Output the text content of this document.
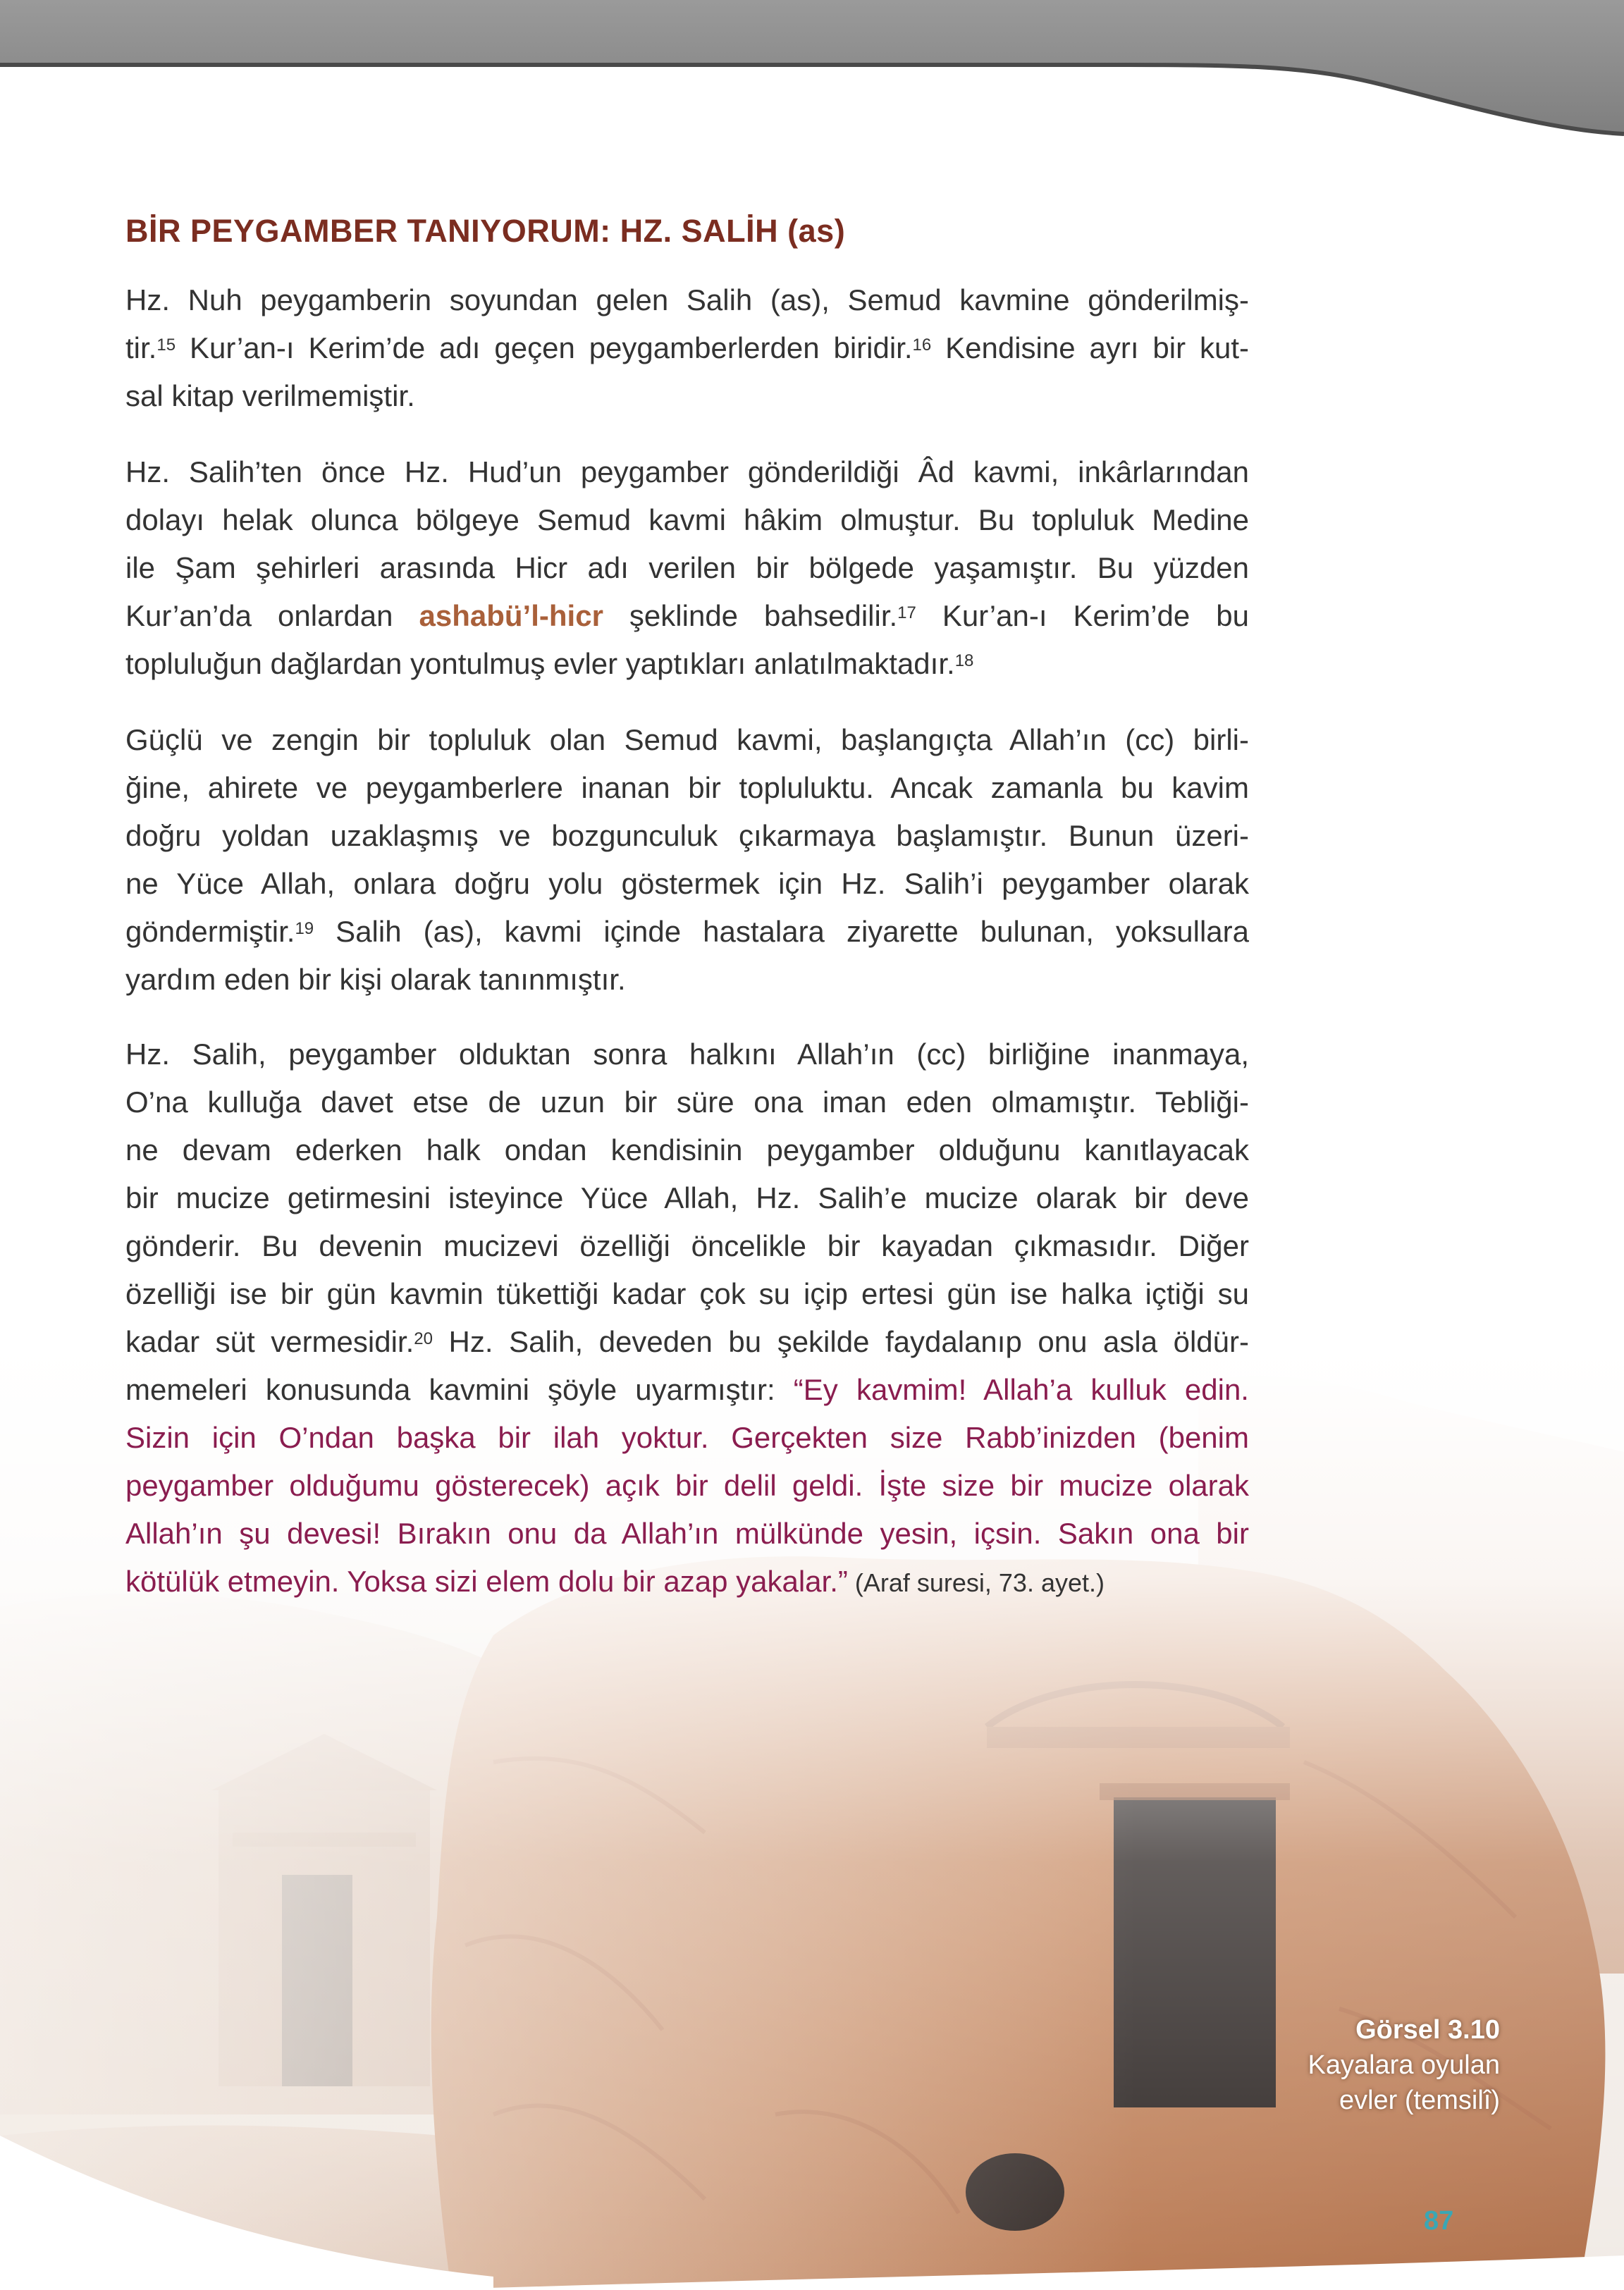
BİR PEYGAMBER TANIYORUM: HZ. SALİH (as)
Hz. Nuh peygamberin soyundan gelen Salih (as), Semud kavmine gönderilmiş-
tir.$^{15}$ Kur’an-ı Kerim’de adı geçen peygamberlerden biridir.$^{16}$ Kendisine ayrı bir kut-
sal kitap verilmemiştir.
Hz. Salih’ten önce Hz. Hud’un peygamber gönderildiği Âd kavmi, inkârlarından
dolayı helak olunca bölgeye Semud kavmi hâkim olmuştur. Bu topluluk Medine
ile Şam şehirleri arasında Hicr adı verilen bir bölgede yaşamıştır. Bu yüzden
Kur’an’da onlardan ashabü’l-hicr şeklinde bahsedilir.$^{17}$ Kur’an-ı Kerim’de bu
topluluğun dağlardan yontulmuş evler yaptıkları anlatılmaktadır.$^{18}$
Güçlü ve zengin bir topluluk olan Semud kavmi, başlangıçta Allah’ın (cc) birli-
ğine, ahirete ve peygamberlere inanan bir topluluktu. Ancak zamanla bu kavim
doğru yoldan uzaklaşmış ve bozgunculuk çıkarmaya başlamıştır. Bunun üzeri-
ne Yüce Allah, onlara doğru yolu göstermek için Hz. Salih’i peygamber olarak
göndermiştir.$^{19}$ Salih (as), kavmi içinde hastalara ziyarette bulunan, yoksullara
yardım eden bir kişi olarak tanınmıştır.
Hz. Salih, peygamber olduktan sonra halkını Allah’ın (cc) birliğine inanmaya,
O’na kulluğa davet etse de uzun bir süre ona iman eden olmamıştır. Tebliği-
ne devam ederken halk ondan kendisinin peygamber olduğunu kanıtlayacak
bir mucize getirmesini isteyince Yüce Allah, Hz. Salih’e mucize olarak bir deve
gönderir. Bu devenin mucizevi özelliği öncelikle bir kayadan çıkmasıdır. Diğer
özelliği ise bir gün kavmin tükettiği kadar çok su içip ertesi gün ise halka içtiği su
kadar süt vermesidir.$^{20}$ Hz. Salih, deveden bu şekilde faydalanıp onu asla öldür-
memeleri konusunda kavmini şöyle uyarmıştır: “Ey kavmim! Allah’a kulluk edin.
Sizin için O’ndan başka bir ilah yoktur. Gerçekten size Rabb’inizden (benim
peygamber olduğumu gösterecek) açık bir delil geldi. İşte size bir mucize olarak
Allah’ın şu devesi! Bırakın onu da Allah’ın mülkünde yesin, içsin. Sakın ona bir
kötülük etmeyin. Yoksa sizi elem dolu bir azap yakalar.” (Araf suresi, 73. ayet.)
Görsel 3.10
Kayalara oyulan
evler (temsilî)
87
